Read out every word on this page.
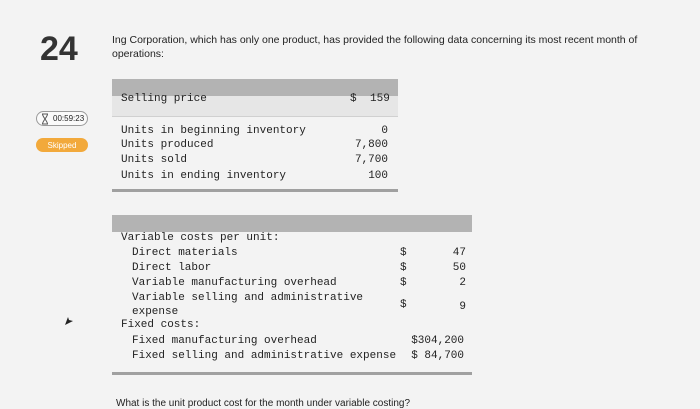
24
00:59:23
Skipped
Ing Corporation, which has only one product, has provided the following data concerning its most recent month of operations:
Selling price	$ 159
Units in beginning inventory	0
Units produced	7,800
Units sold	7,700
Units in ending inventory	100
Variable costs per unit:
Direct materials	$	47
Direct labor	$	50
Variable manufacturing overhead	$	2
Variable selling and administrative
expense
$	9
Fixed costs:
Fixed manufacturing overhead	$304,200
Fixed selling and administrative expense $ 84,700
What is the unit product cost for the month under variable costing?
